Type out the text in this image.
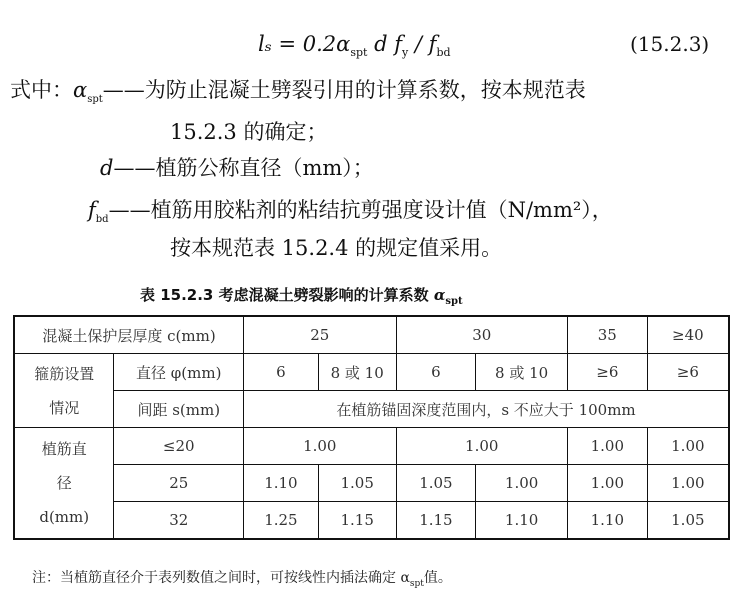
$l_s = 0.2\alpha_{spt}$ d $f_y / f_{bd}$	(15.2.3)
式中：$\alpha_{spt}——$为防止混凝土劈裂引用的计算系数，按本规范表
15.2.3 的确定；
d——植筋公称直径（mm）；
$f_{bd}——$植筋用胶粘剂的粘结抗剪强度设计值（N/mm²），
按本规范表 15.2.4 的规定值采用。
表 15.2.3 考虑混凝土劈裂影响的计算系数 $\alpha_{spt}$
混凝土保护层厚度 c(mm)		25		30		35	≥40
箍筋设置情况	直径 φ(mm)	6	8 或 10	6	8 或 10	≥6	≥6
	间距 s(mm)	在植筋锚固深度范围内，s 不应大于 100mm					
植筋直径 d(mm)	≤20	1.00		1.00		1.00	1.00
	25	1.10	1.05	1.05	1.00	1.00	1.00
	32	1.25	1.15	1.15	1.10	1.10	1.05
注：当植筋直径介于表列数值之间时，可按线性内插法确定 $\alpha_{spt}$值。
